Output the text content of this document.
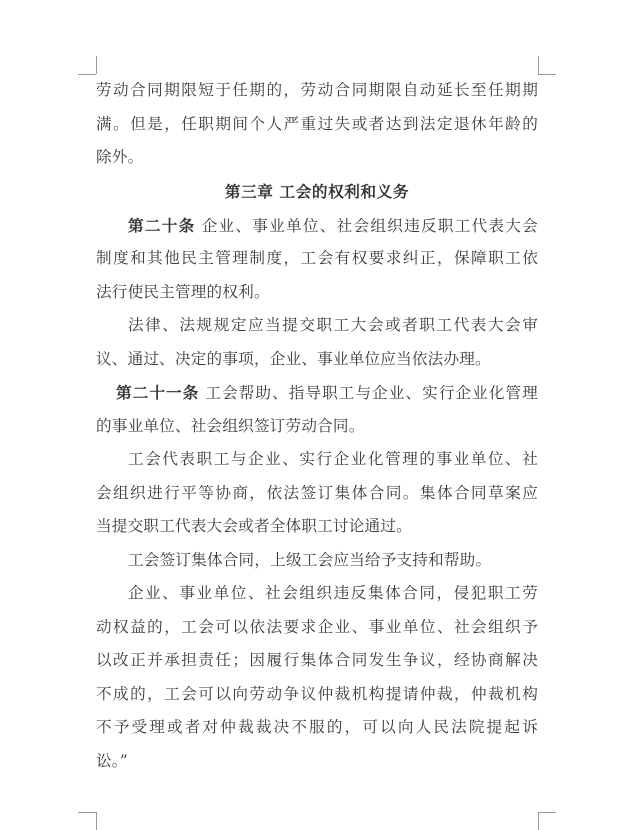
劳动合同期限短于任期的，劳动合同期限自动延长至任期期
满。但是，任职期间个人严重过失或者达到法定退休年龄的
除外。
第三章 工会的权利和义务
第二十条 企业、事业单位、社会组织违反职工代表大会
制度和其他民主管理制度，工会有权要求纠正，保障职工依
法行使民主管理的权利。
法律、法规规定应当提交职工大会或者职工代表大会审
议、通过、决定的事项，企业、事业单位应当依法办理。
第二十一条 工会帮助、指导职工与企业、实行企业化管理
的事业单位、社会组织签订劳动合同。
工会代表职工与企业、实行企业化管理的事业单位、社
会组织进行平等协商，依法签订集体合同。集体合同草案应
当提交职工代表大会或者全体职工讨论通过。
工会签订集体合同，上级工会应当给予支持和帮助。
企业、事业单位、社会组织违反集体合同，侵犯职工劳
动权益的，工会可以依法要求企业、事业单位、社会组织予
以改正并承担责任；因履行集体合同发生争议，经协商解决
不成的，工会可以向劳动争议仲裁机构提请仲裁，仲裁机构
不予受理或者对仲裁裁决不服的，可以向人民法院提起诉
讼。”
